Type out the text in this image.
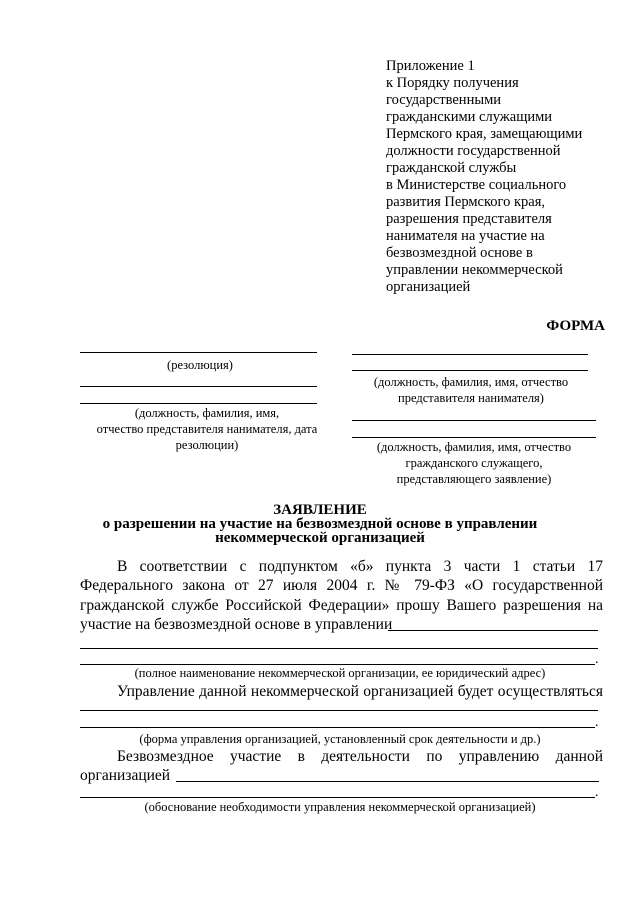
Приложение 1
к Порядку получения
государственными
гражданскими служащими
Пермского края, замещающими
должности государственной
гражданской службы
в Министерстве социального
развития Пермского края,
разрешения представителя
нанимателя на участие на
безвозмездной основе в
управлении некоммерческой
организацией
ФОРМА
(резолюция)
(должность, фамилия, имя,
отчество представителя нанимателя, дата
резолюции)
(должность, фамилия, имя, отчество
представителя нанимателя)
(должность, фамилия, имя, отчество
гражданского служащего,
представляющего заявление)
ЗАЯВЛЕНИЕ
о разрешении на участие на безвозмездной основе в управлении
некоммерческой организацией
В соответствии с подпунктом «б» пункта 3 части 1 статьи 17
Федерального закона от 27 июля 2004 г. № 79-ФЗ «О государственной
гражданской службе Российской Федерации» прошу Вашего разрешения на
участие на безвозмездной основе в управлении
.
(полное наименование некоммерческой организации, ее юридический адрес)
Управление данной некоммерческой организацией будет осуществляться
.
(форма управления организацией, установленный срок деятельности и др.)
Безвозмездное участие в деятельности по управлению данной
организацией
.
(обоснование необходимости управления некоммерческой организацией)
